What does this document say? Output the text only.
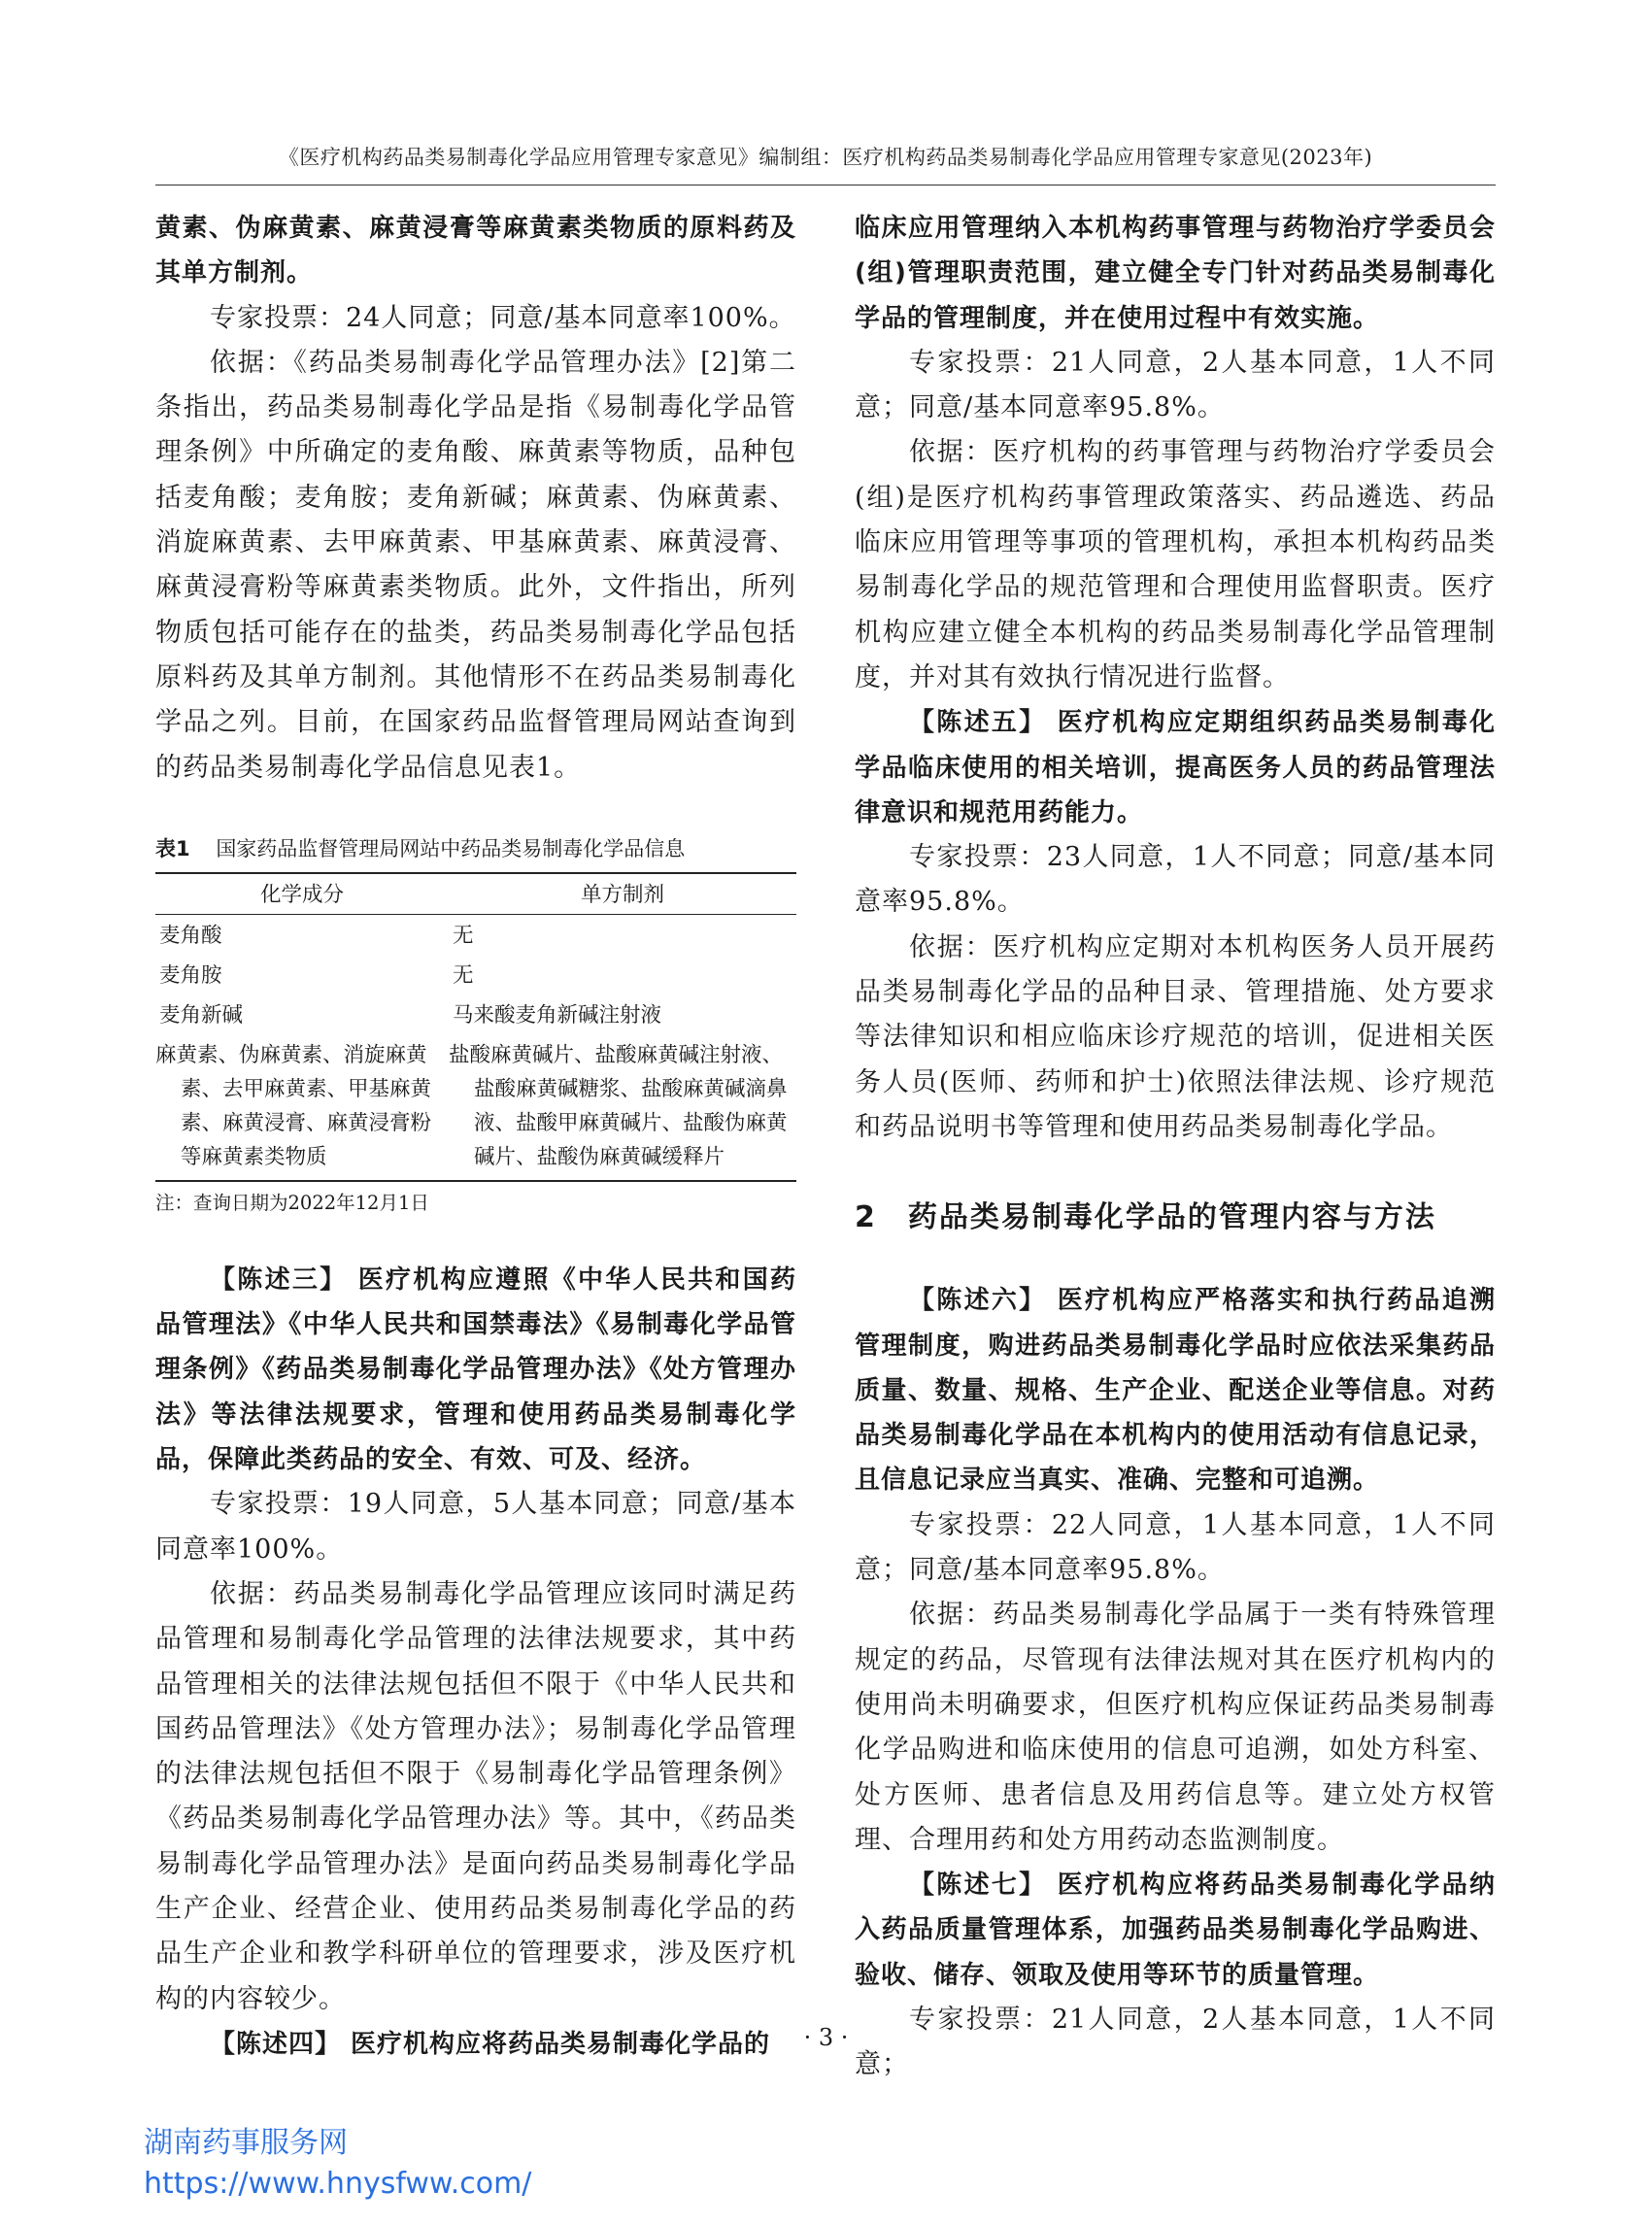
《医疗机构药品类易制毒化学品应用管理专家意见》编制组：医疗机构药品类易制毒化学品应用管理专家意见(2023年)

黄素、伪麻黄素、麻黄浸膏等麻黄素类物质的原料药及其单方制剂。

专家投票：24人同意；同意/基本同意率100%。

依据：《药品类易制毒化学品管理办法》[2]第二条指出，药品类易制毒化学品是指《易制毒化学品管理条例》中所确定的麦角酸、麻黄素等物质，品种包括麦角酸；麦角胺；麦角新碱；麻黄素、伪麻黄素、消旋麻黄素、去甲麻黄素、甲基麻黄素、麻黄浸膏、麻黄浸膏粉等麻黄素类物质。此外，文件指出，所列物质包括可能存在的盐类，药品类易制毒化学品包括原料药及其单方制剂。其他情形不在药品类易制毒化学品之列。目前，在国家药品监督管理局网站查询到的药品类易制毒化学品信息见表1。

表1 国家药品监督管理局网站中药品类易制毒化学品信息
化学成分	单方制剂
麦角酸	无
麦角胺	无
麦角新碱	马来酸麦角新碱注射液
麻黄素、伪麻黄素、消旋麻黄素、去甲麻黄素、甲基麻黄素、麻黄浸膏、麻黄浸膏粉等麻黄素类物质	盐酸麻黄碱片、盐酸麻黄碱注射液、盐酸麻黄碱糖浆、盐酸麻黄碱滴鼻液、盐酸甲麻黄碱片、盐酸伪麻黄碱片、盐酸伪麻黄碱缓释片

注：查询日期为2022年12月1日

【陈述三】 医疗机构应遵照《中华人民共和国药品管理法》《中华人民共和国禁毒法》《易制毒化学品管理条例》《药品类易制毒化学品管理办法》《处方管理办法》等法律法规要求，管理和使用药品类易制毒化学品，保障此类药品的安全、有效、可及、经济。

专家投票：19人同意，5人基本同意；同意/基本同意率100%。

依据：药品类易制毒化学品管理应该同时满足药品管理和易制毒化学品管理的法律法规要求，其中药品管理相关的法律法规包括但不限于《中华人民共和国药品管理法》《处方管理办法》；易制毒化学品管理的法律法规包括但不限于《易制毒化学品管理条例》《药品类易制毒化学品管理办法》等。其中，《药品类易制毒化学品管理办法》是面向药品类易制毒化学品生产企业、经营企业、使用药品类易制毒化学品的药品生产企业和教学科研单位的管理要求，涉及医疗机构的内容较少。

【陈述四】 医疗机构应将药品类易制毒化学品的

临床应用管理纳入本机构药事管理与药物治疗学委员会(组)管理职责范围，建立健全专门针对药品类易制毒化学品的管理制度，并在使用过程中有效实施。

专家投票：21人同意，2人基本同意，1人不同意；同意/基本同意率95.8%。

依据：医疗机构的药事管理与药物治疗学委员会(组)是医疗机构药事管理政策落实、药品遴选、药品临床应用管理等事项的管理机构，承担本机构药品类易制毒化学品的规范管理和合理使用监督职责。医疗机构应建立健全本机构的药品类易制毒化学品管理制度，并对其有效执行情况进行监督。

【陈述五】 医疗机构应定期组织药品类易制毒化学品临床使用的相关培训，提高医务人员的药品管理法律意识和规范用药能力。

专家投票：23人同意，1人不同意；同意/基本同意率95.8%。

依据：医疗机构应定期对本机构医务人员开展药品类易制毒化学品的品种目录、管理措施、处方要求等法律知识和相应临床诊疗规范的培训，促进相关医务人员(医师、药师和护士)依照法律法规、诊疗规范和药品说明书等管理和使用药品类易制毒化学品。

2 药品类易制毒化学品的管理内容与方法

【陈述六】 医疗机构应严格落实和执行药品追溯管理制度，购进药品类易制毒化学品时应依法采集药品质量、数量、规格、生产企业、配送企业等信息。对药品类易制毒化学品在本机构内的使用活动有信息记录，且信息记录应当真实、准确、完整和可追溯。

专家投票：22人同意，1人基本同意，1人不同意；同意/基本同意率95.8%。

依据：药品类易制毒化学品属于一类有特殊管理规定的药品，尽管现有法律法规对其在医疗机构内的使用尚未明确要求，但医疗机构应保证药品类易制毒化学品购进和临床使用的信息可追溯，如处方科室、处方医师、患者信息及用药信息等。建立处方权管理、合理用药和处方用药动态监测制度。

【陈述七】 医疗机构应将药品类易制毒化学品纳入药品质量管理体系，加强药品类易制毒化学品购进、验收、储存、领取及使用等环节的质量管理。

专家投票：21人同意，2人基本同意，1人不同意；

· 3 ·
湖南药事服务网
https://www.hnysfww.com/
